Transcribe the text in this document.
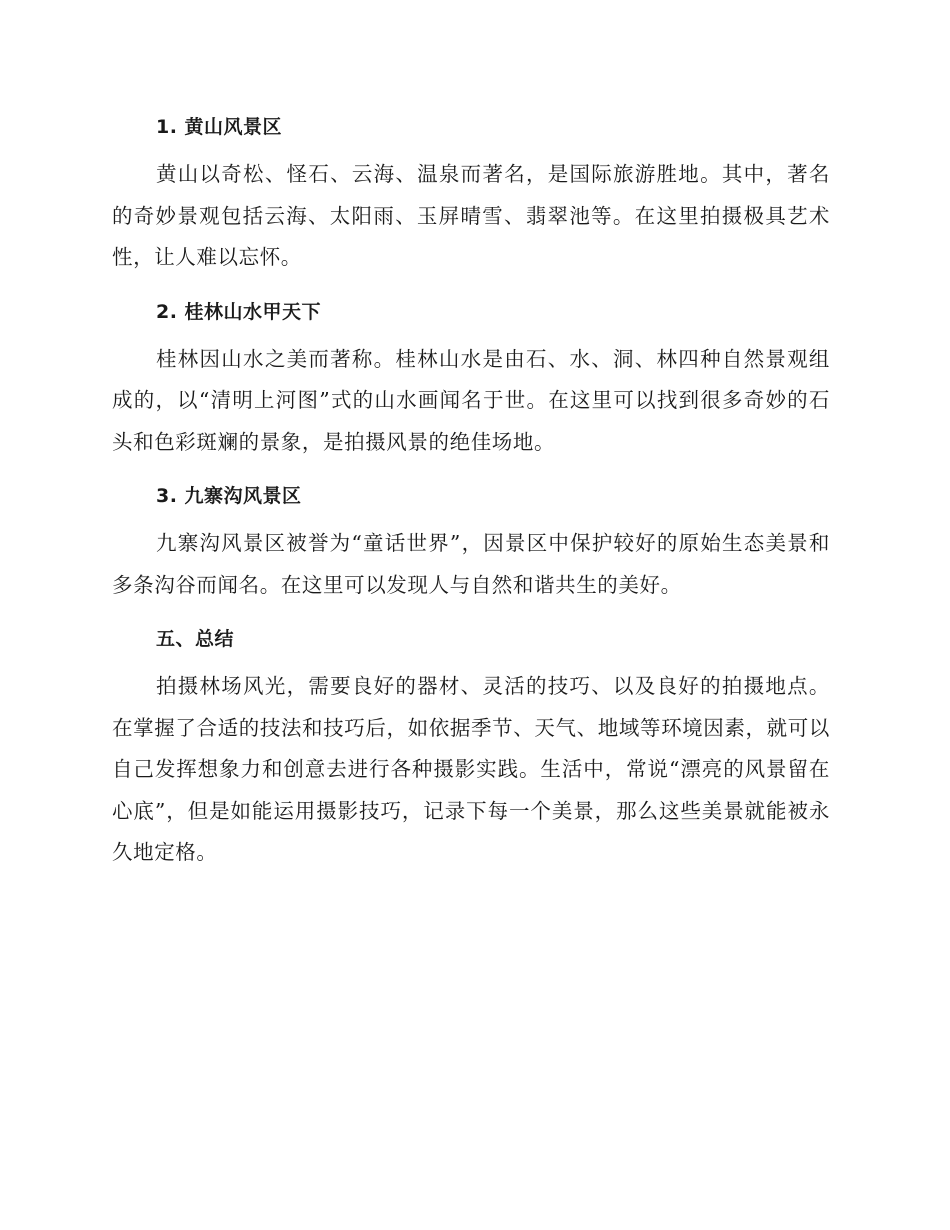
1. 黄山风景区

黄山以奇松、怪石、云海、温泉而著名，是国际旅游胜地。其中，著名的奇妙景观包括云海、太阳雨、玉屏晴雪、翡翠池等。在这里拍摄极具艺术性，让人难以忘怀。

2. 桂林山水甲天下

桂林因山水之美而著称。桂林山水是由石、水、洞、林四种自然景观组成的，以“清明上河图”式的山水画闻名于世。在这里可以找到很多奇妙的石头和色彩斑斓的景象，是拍摄风景的绝佳场地。

3. 九寨沟风景区

九寨沟风景区被誉为“童话世界”，因景区中保护较好的原始生态美景和多条沟谷而闻名。在这里可以发现人与自然和谐共生的美好。

五、总结

拍摄林场风光，需要良好的器材、灵活的技巧、以及良好的拍摄地点。在掌握了合适的技法和技巧后，如依据季节、天气、地域等环境因素，就可以自己发挥想象力和创意去进行各种摄影实践。生活中，常说“漂亮的风景留在心底”，但是如能运用摄影技巧，记录下每一个美景，那么这些美景就能被永久地定格。
